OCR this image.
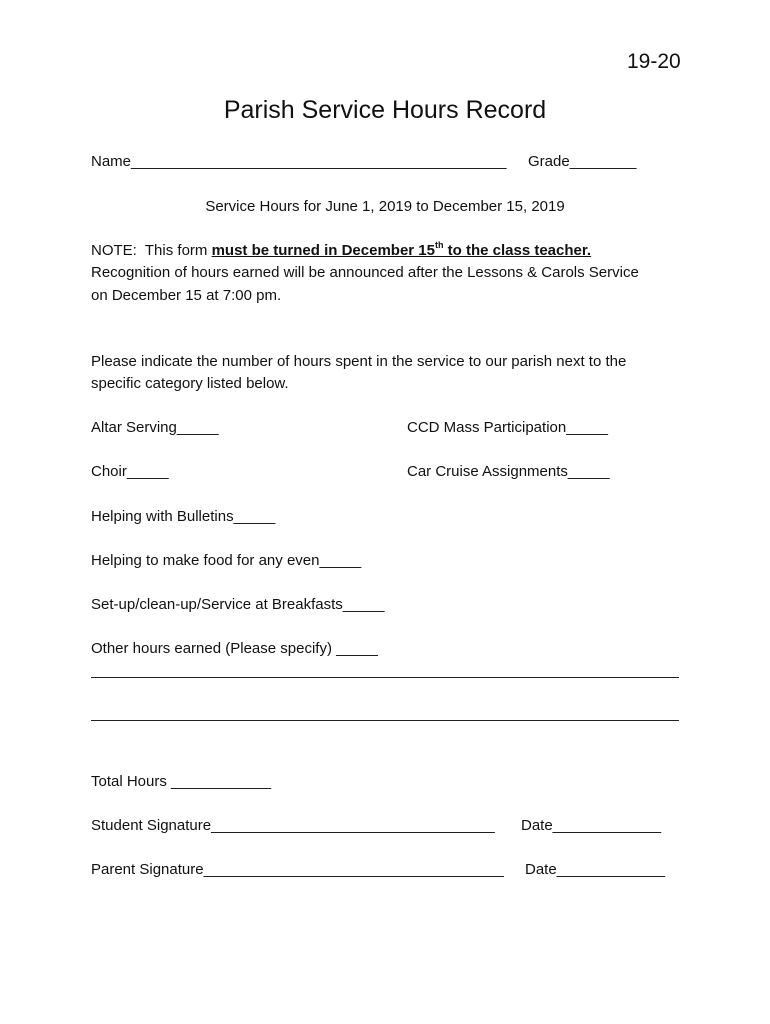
19-20
Parish Service Hours Record
Name_____________________________________________ Grade________
Service Hours for June 1, 2019 to December 15, 2019
NOTE:  This form must be turned in December 15th to the class teacher.
Recognition of hours earned will be announced after the Lessons & Carols Service
on December 15 at 7:00 pm.
Please indicate the number of hours spent in the service to our parish next to the
specific category listed below.
Altar Serving_____	CCD Mass Participation_____
Choir_____	Car Cruise Assignments_____
Helping with Bulletins_____
Helping to make food for any even_____
Set-up/clean-up/Service at Breakfasts_____
Other hours earned (Please specify) _____
Total Hours ____________
Student Signature__________________________________ Date_____________
Parent Signature____________________________________ Date_____________
